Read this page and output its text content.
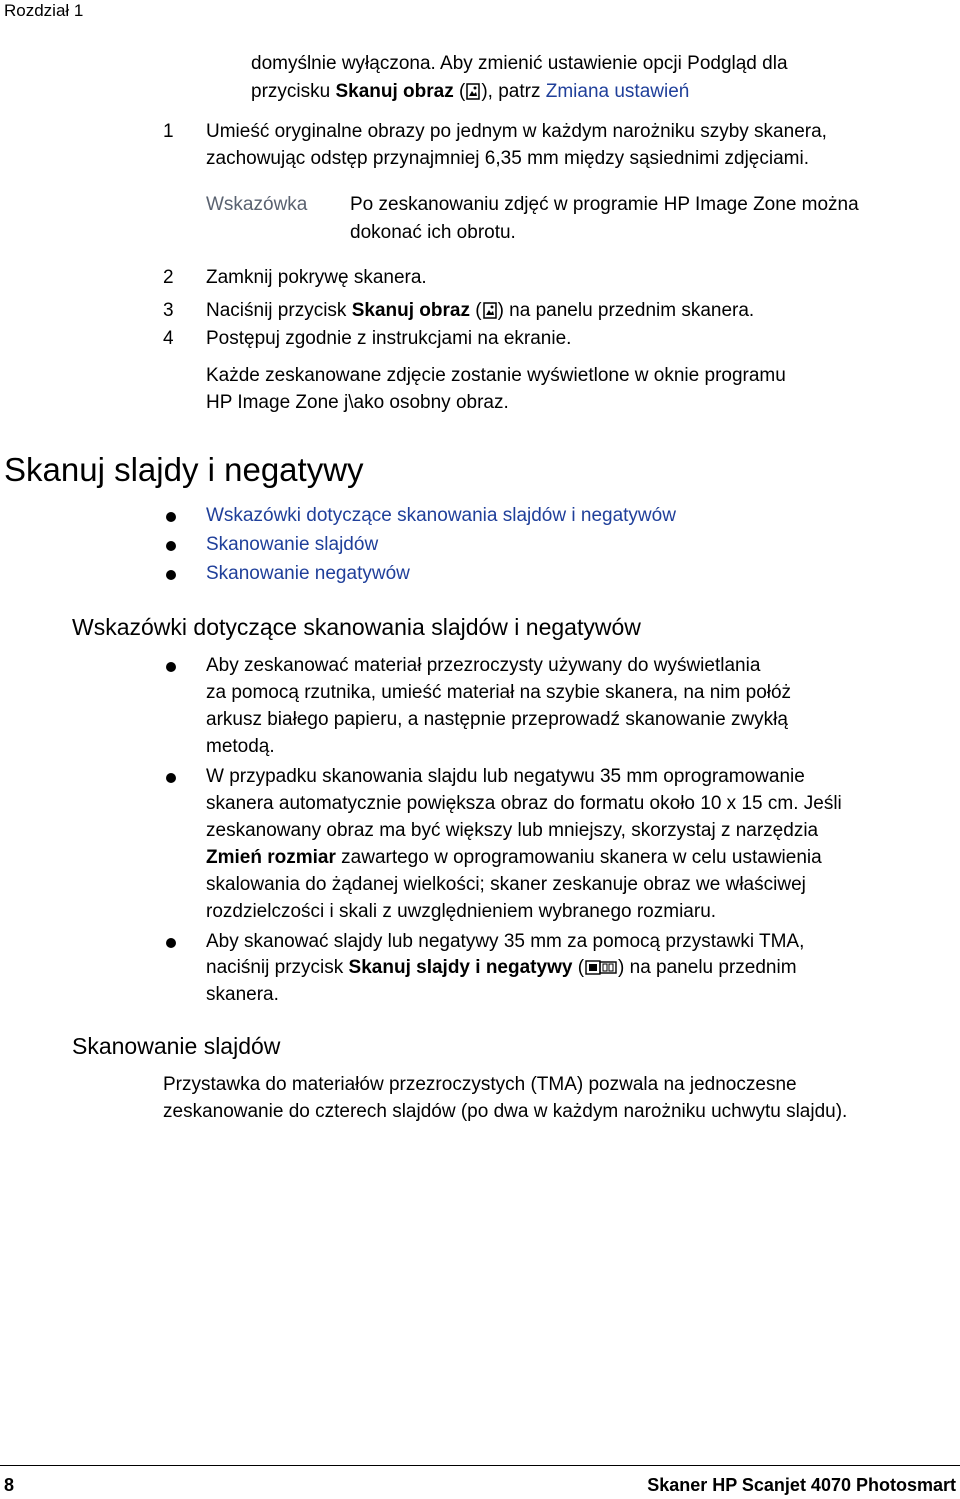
Rozdział 1
domyślnie wyłączona. Aby zmienić ustawienie opcji Podgląd dla
przycisku Skanuj obraz ( ), patrz Zmiana ustawień
1 Umieść oryginalne obrazy po jednym w każdym narożniku szyby skanera,
zachowując odstęp przynajmniej 6,35 mm między sąsiednimi zdjęciami.
Wskazówka Po zeskanowaniu zdjęć w programie HP Image Zone można
dokonać ich obrotu.
2 Zamknij pokrywę skanera.
3 Naciśnij przycisk Skanuj obraz ( ) na panelu przednim skanera.
4 Postępuj zgodnie z instrukcjami na ekranie.
Każde zeskanowane zdjęcie zostanie wyświetlone w oknie programu
HP Image Zone j\ako osobny obraz.
Skanuj slajdy i negatywy
Wskazówki dotyczące skanowania slajdów i negatywów
Skanowanie slajdów
Skanowanie negatywów
Wskazówki dotyczące skanowania slajdów i negatywów
Aby zeskanować materiał przezroczysty używany do wyświetlania
za pomocą rzutnika, umieść materiał na szybie skanera, na nim połóż
arkusz białego papieru, a następnie przeprowadź skanowanie zwykłą
metodą.
W przypadku skanowania slajdu lub negatywu 35 mm oprogramowanie
skanera automatycznie powiększa obraz do formatu około 10 x 15 cm. Jeśli
zeskanowany obraz ma być większy lub mniejszy, skorzystaj z narzędzia
Zmień rozmiar zawartego w oprogramowaniu skanera w celu ustawienia
skalowania do żądanej wielkości; skaner zeskanuje obraz we właściwej
rozdzielczości i skali z uwzględnieniem wybranego rozmiaru.
Aby skanować slajdy lub negatywy 35 mm za pomocą przystawki TMA,
naciśnij przycisk Skanuj slajdy i negatywy ( ) na panelu przednim
skanera.
Skanowanie slajdów
Przystawka do materiałów przezroczystych (TMA) pozwala na jednoczesne
zeskanowanie do czterech slajdów (po dwa w każdym narożniku uchwytu slajdu).
8	Skaner HP Scanjet 4070 Photosmart
